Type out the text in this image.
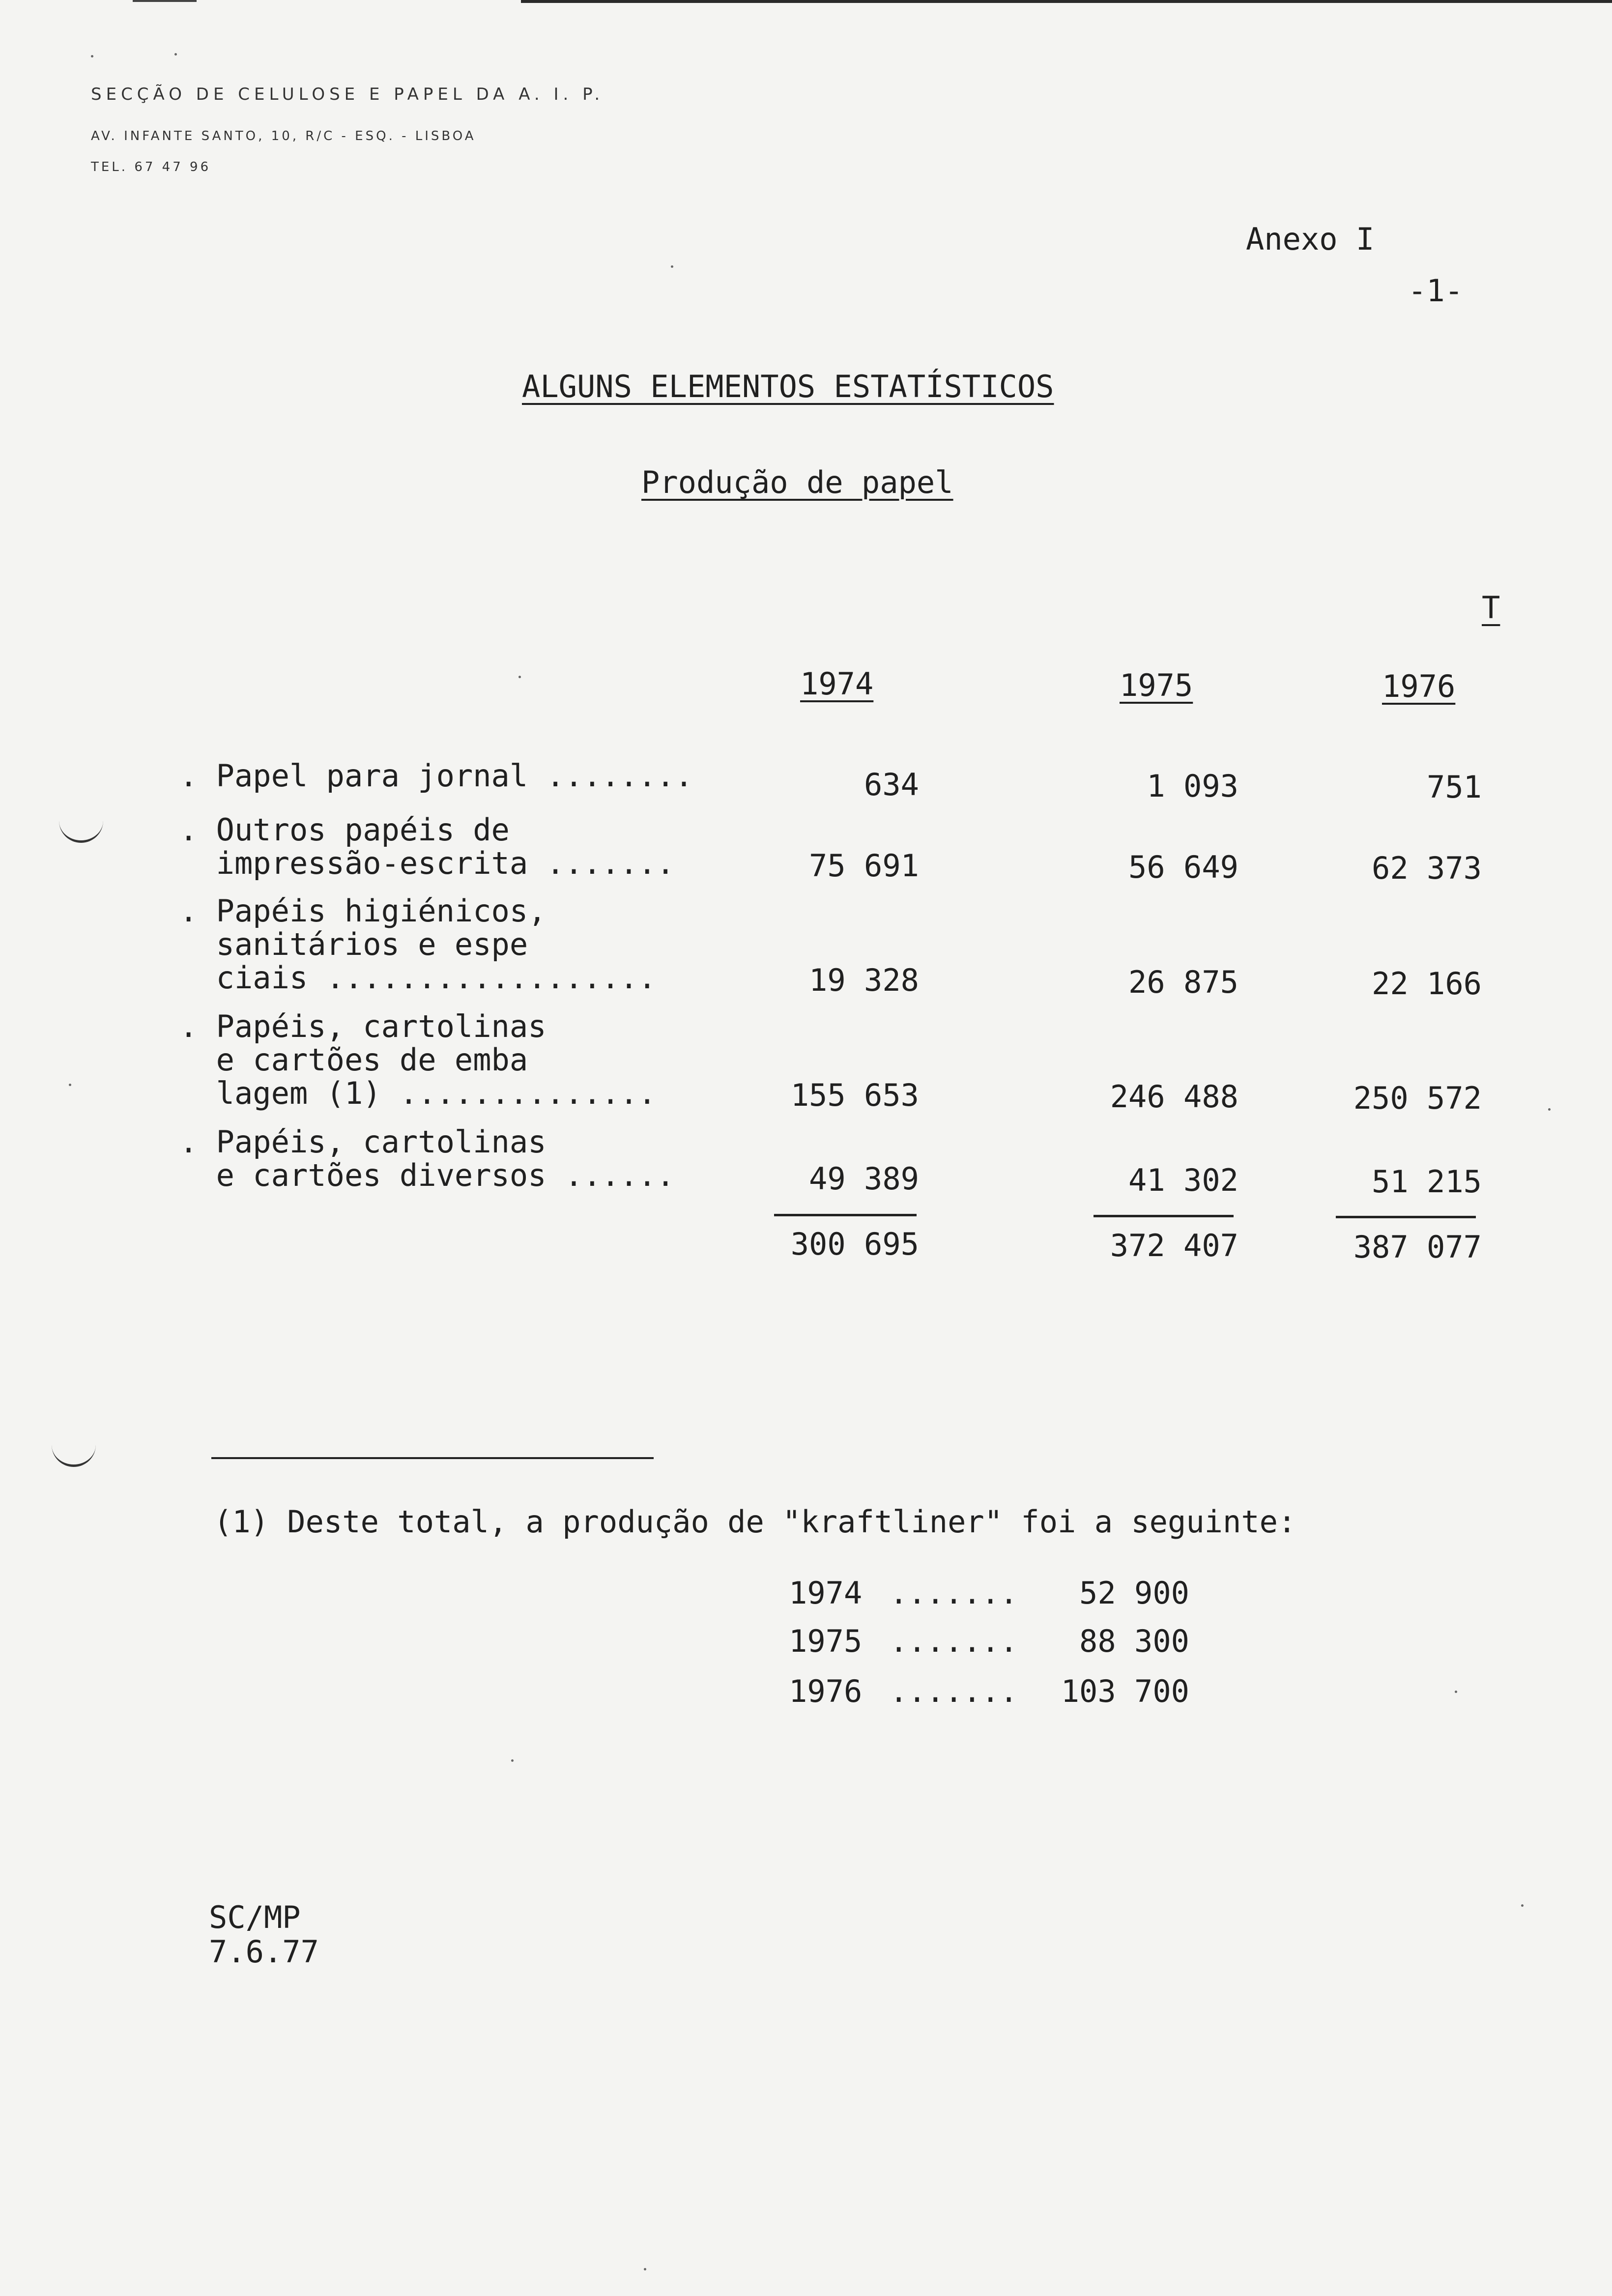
SECÇÃO DE CELULOSE E PAPEL DA A. I. P.
AV. INFANTE SANTO, 10, R/C - ESQ. - LISBOA
TEL. 67 47 96
Anexo I
-1-
ALGUNS ELEMENTOS ESTATÍSTICOS
Produção de papel
T
1974	1975	1976
. Papel para jornal ........	634	1 093	751
. Outros papéis de
impressão-escrita .......	75 691	56 649	62 373
. Papéis higiénicos,
sanitários e espe
ciais ..................	19 328	26 875	22 166
. Papéis, cartolinas
e cartões de emba
lagem (1) ..............	155 653	246 488	250 572
. Papéis, cartolinas
e cartões diversos ......	49 389	41 302	51 215
300 695	372 407	387 077
(1) Deste total, a produção de "kraftliner" foi a seguinte:
1974 .......	52 900
1975 .......	88 300
1976 .......	103 700
SC/MP
7.6.77
